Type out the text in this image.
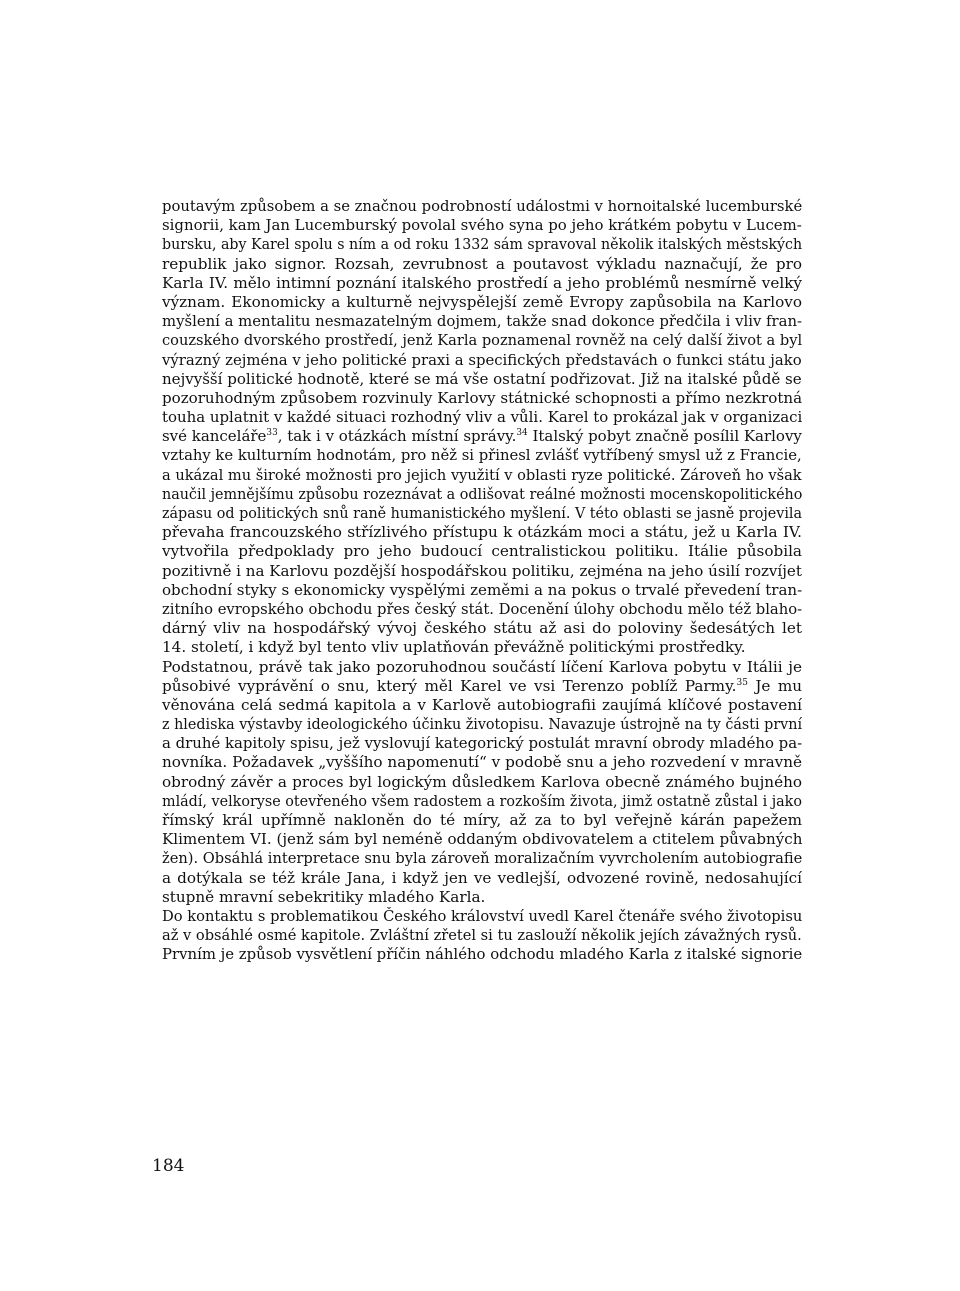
poutavým způsobem a se značnou podrobností událostmi v hornoitalské lucemburské
signorii, kam Jan Lucemburský povolal svého syna po jeho krátkém pobytu v Lucem-
bursku, aby Karel spolu s ním a od roku 1332 sám spravoval několik italských městských
republik jako signor. Rozsah, zevrubnost a poutavost výkladu naznačují, že pro
Karla IV. mělo intimní poznání italského prostředí a jeho problémů nesmírně velký
význam. Ekonomicky a kulturně nejvyspělejší země Evropy zapůsobila na Karlovo
myšlení a mentalitu nesmazatelným dojmem, takže snad dokonce předčila i vliv fran-
couzského dvorského prostředí, jenž Karla poznamenal rovněž na celý další život a byl
výrazný zejména v jeho politické praxi a specifických představách o funkci státu jako
nejvyšší politické hodnotě, které se má vše ostatní podřizovat. Již na italské půdě se
pozoruhodným způsobem rozvinuly Karlovy státnické schopnosti a přímo nezkrotná
touha uplatnit v každé situaci rozhodný vliv a vůli. Karel to prokázal jak v organizaci
své kanceláře$^{33}$, tak i v otázkách místní správy.$^{34}$ Italský pobyt značně posílil Karlovy
vztahy ke kulturním hodnotám, pro něž si přinesl zvlášť vytříbený smysl už z Francie,
a ukázal mu široké možnosti pro jejich využití v oblasti ryze politické. Zároveň ho však
naučil jemnějšímu způsobu rozeznávat a odlišovat reálné možnosti mocenskopolitického
zápasu od politických snů raně humanistického myšlení. V této oblasti se jasně projevila
převaha francouzského střízlivého přístupu k otázkám moci a státu, jež u Karla IV.
vytvořila předpoklady pro jeho budoucí centralistickou politiku. Itálie působila
pozitivně i na Karlovu pozdější hospodářskou politiku, zejména na jeho úsilí rozvíjet
obchodní styky s ekonomicky vyspělými zeměmi a na pokus o trvalé převedení tran-
zitního evropského obchodu přes český stát. Docenění úlohy obchodu mělo též blaho-
dárný vliv na hospodářský vývoj českého státu až asi do poloviny šedesátých let
14. století, i když byl tento vliv uplatňován převážně politickými prostředky.
Podstatnou, právě tak jako pozoruhodnou součástí líčení Karlova pobytu v Itálii je
působivé vyprávění o snu, který měl Karel ve vsi Terenzo poblíž Parmy.$^{35}$ Je mu
věnována celá sedmá kapitola a v Karlově autobiografii zaujímá klíčové postavení
z hlediska výstavby ideologického účinku životopisu. Navazuje ústrojně na ty části první
a druhé kapitoly spisu, jež vyslovují kategorický postulát mravní obrody mladého pa-
novníka. Požadavek „vyššího napomenutí“ v podobě snu a jeho rozvedení v mravně
obrodný závěr a proces byl logickým důsledkem Karlova obecně známého bujného
mládí, velkoryse otevřeného všem radostem a rozkoším života, jimž ostatně zůstal i jako
římský král upřímně nakloněn do té míry, až za to byl veřejně kárán papežem
Klimentem VI. (jenž sám byl neméně oddaným obdivovatelem a ctitelem půvabných
žen). Obsáhlá interpretace snu byla zároveň moralizačním vyvrcholením autobiografie
a dotýkala se též krále Jana, i když jen ve vedlejší, odvozené rovině, nedosahující
stupně mravní sebekritiky mladého Karla.
Do kontaktu s problematikou Českého království uvedl Karel čtenáře svého životopisu
až v obsáhlé osmé kapitole. Zvláštní zřetel si tu zaslouží několik jejích závažných rysů.
Prvním je způsob vysvětlení příčin náhlého odchodu mladého Karla z italské signorie
184
